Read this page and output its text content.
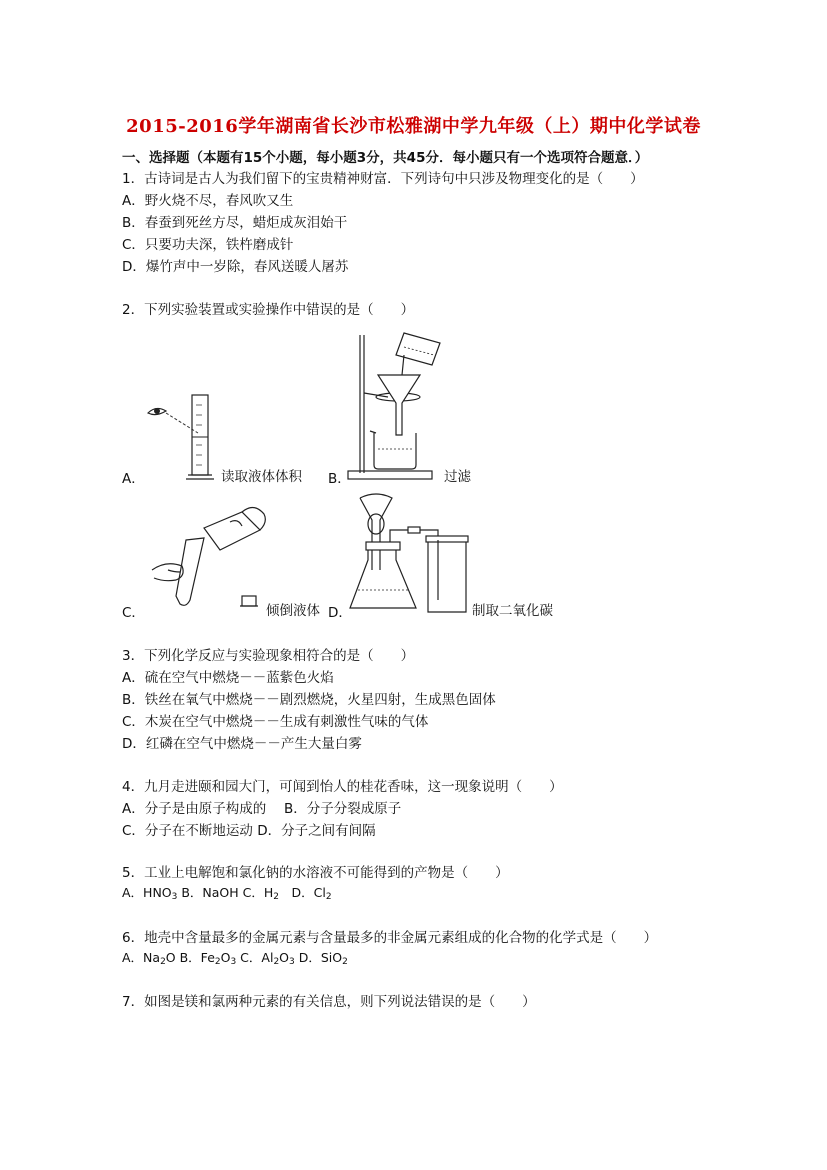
2015-2016学年湖南省长沙市松雅湖中学九年级（上）期中化学试卷
一、选择题（本题有15个小题，每小题3分，共45分．每小题只有一个选项符合题意．）
1．古诗词是古人为我们留下的宝贵精神财富．下列诗句中只涉及物理变化的是（　　）
A．野火烧不尽，春风吹又生
B．春蚕到死丝方尽，蜡炬成灰泪始干
C．只要功夫深，铁杵磨成针
D．爆竹声中一岁除，春风送暖人屠苏
2．下列实验装置或实验操作中错误的是（　　）
A．	读取液体体积 B．	过滤
C．	倾倒液体 D．	制取二氧化碳
3．下列化学反应与实验现象相符合的是（　　）
A．硫在空气中燃烧－－蓝紫色火焰
B．铁丝在氧气中燃烧－－剧烈燃烧，火星四射，生成黑色固体
C．木炭在空气中燃烧－－生成有刺激性气味的气体
D．红磷在空气中燃烧－－产生大量白雾
4．九月走进颐和园大门，可闻到怡人的桂花香味，这一现象说明（　　）
A．分子是由原子构成的　 B．分子分裂成原子
C．分子在不断地运动 D．分子之间有间隔
5．工业上电解饱和氯化钠的水溶液不可能得到的产物是（　　）
A．$HNO_3$ B．NaOH C．$H_2$　D．$Cl_2$
6．地壳中含量最多的金属元素与含量最多的非金属元素组成的化合物的化学式是（　　）
A．$Na_2O$ B．$Fe_2O_3$ C．$Al_2O_3$ D．SiO$_2$
7．如图是镁和氯两种元素的有关信息，则下列说法错误的是（　　）
